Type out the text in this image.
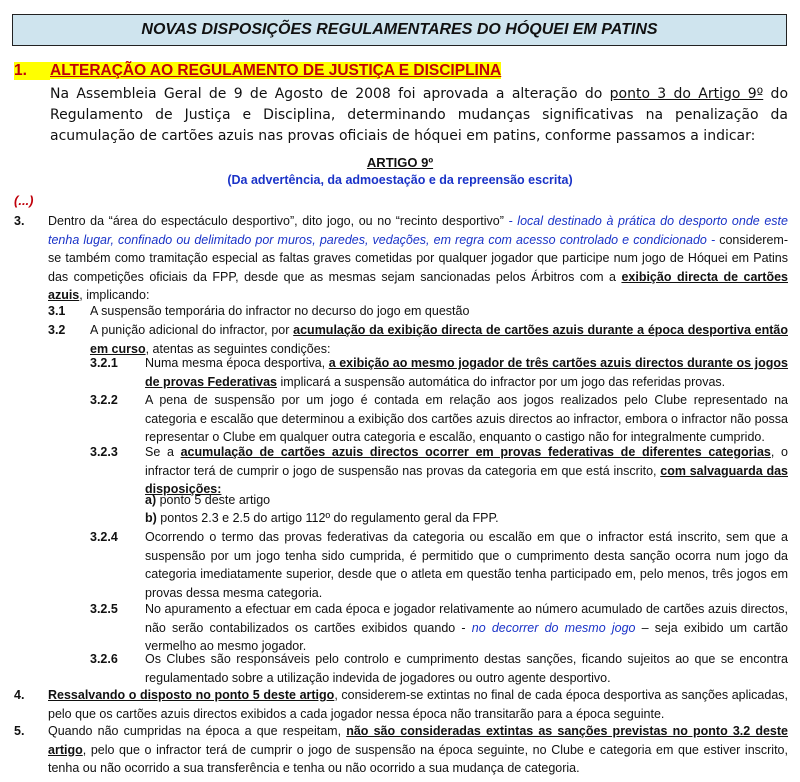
NOVAS DISPOSIÇÕES REGULAMENTARES DO HÓQUEI EM PATINS
1. ALTERAÇÃO AO REGULAMENTO DE JUSTIÇA E DISCIPLINA
Na Assembleia Geral de 9 de Agosto de 2008 foi aprovada a alteração do ponto 3 do Artigo 9º do Regulamento de Justiça e Disciplina, determinando mudanças significativas na penalização da acumulação de cartões azuis nas provas oficiais de hóquei em patins, conforme passamos a indicar:
ARTIGO 9º
(Da advertência, da admoestação e da repreensão escrita)
(...)
3. Dentro da “área do espectáculo desportivo”, dito jogo, ou no “recinto desportivo” - local destinado à prática do desporto onde este tenha lugar, confinado ou delimitado por muros, paredes, vedações, em regra com acesso controlado e condicionado - considerem-se também como tramitação especial as faltas graves cometidas por qualquer jogador que participe num jogo de Hóquei em Patins das competições oficiais da FPP, desde que as mesmas sejam sancionadas pelos Árbitros com a exibição directa de cartões azuis, implicando:
3.1 A suspensão temporária do infractor no decurso do jogo em questão
3.2 A punição adicional do infractor, por acumulação da exibição directa de cartões azuis durante a época desportiva então em curso, atentas as seguintes condições:
3.2.1 Numa mesma época desportiva, a exibição ao mesmo jogador de três cartões azuis directos durante os jogos de provas Federativas implicará a suspensão automática do infractor por um jogo das referidas provas.
3.2.2 A pena de suspensão por um jogo é contada em relação aos jogos realizados pelo Clube representado na categoria e escalão que determinou a exibição dos cartões azuis directos ao infractor, embora o infractor não possa representar o Clube em qualquer outra categoria e escalão, enquanto o castigo não for integralmente cumprido.
3.2.3 Se a acumulação de cartões azuis directos ocorrer em provas federativas de diferentes categorias, o infractor terá de cumprir o jogo de suspensão nas provas da categoria em que está inscrito, com salvaguarda das disposições:
a) ponto 5 deste artigo
b) pontos 2.3 e 2.5 do artigo 112º do regulamento geral da FPP.
3.2.4 Ocorrendo o termo das provas federativas da categoria ou escalão em que o infractor está inscrito, sem que a suspensão por um jogo tenha sido cumprida, é permitido que o cumprimento desta sanção ocorra num jogo da categoria imediatamente superior, desde que o atleta em questão tenha participado em, pelo menos, três jogos em provas dessa mesma categoria.
3.2.5 No apuramento a efectuar em cada época e jogador relativamente ao número acumulado de cartões azuis directos, não serão contabilizados os cartões exibidos quando - no decorrer do mesmo jogo – seja exibido um cartão vermelho ao mesmo jogador.
3.2.6 Os Clubes são responsáveis pelo controlo e cumprimento destas sanções, ficando sujeitos ao que se encontra regulamentado sobre a utilização indevida de jogadores ou outro agente desportivo.
4. Ressalvando o disposto no ponto 5 deste artigo, considerem-se extintas no final de cada época desportiva as sanções aplicadas, pelo que os cartões azuis directos exibidos a cada jogador nessa época não transitarão para a época seguinte.
5. Quando não cumpridas na época a que respeitam, não são consideradas extintas as sanções previstas no ponto 3.2 deste artigo, pelo que o infractor terá de cumprir o jogo de suspensão na época seguinte, no Clube e categoria em que estiver inscrito, tenha ou não ocorrido a sua transferência e tenha ou não ocorrido a sua mudança de categoria.
